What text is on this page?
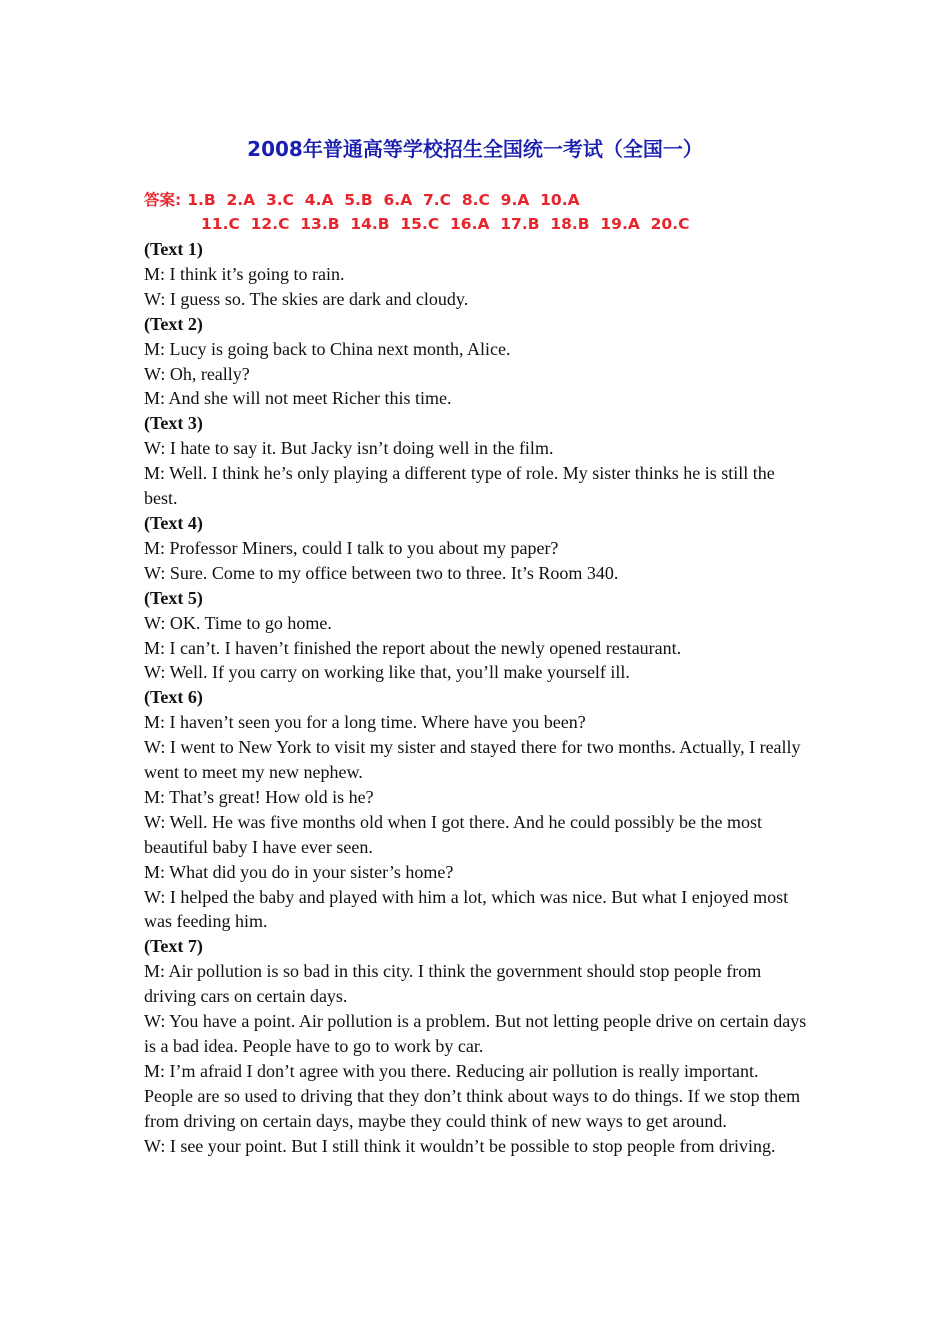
2008年普通高等学校招生全国统一考试（全国一）
答案: 1.B  2.A  3.C  4.A  5.B  6.A  7.C  8.C  9.A  10.A
11.C  12.C  13.B  14.B  15.C  16.A  17.B  18.B  19.A  20.C

(Text 1)

M: I think it’s going to rain.

W: I guess so. The skies are dark and cloudy.

(Text 2)

M: Lucy is going back to China next month, Alice.

W: Oh, really?

M: And she will not meet Richer this time.

(Text 3)

W: I hate to say it. But Jacky isn’t doing well in the film.

M: Well. I think he’s only playing a different type of role. My sister thinks he is still the best.

(Text 4)

M: Professor Miners, could I talk to you about my paper?

W: Sure. Come to my office between two to three. It’s Room 340.

(Text 5)

W: OK. Time to go home.

M: I can’t. I haven’t finished the report about the newly opened restaurant.

W: Well. If you carry on working like that, you’ll make yourself ill.

(Text 6)

M: I haven’t seen you for a long time. Where have you been?

W: I went to New York to visit my sister and stayed there for two months. Actually, I really went to meet my new nephew.

M: That’s great! How old is he?

W: Well. He was five months old when I got there. And he could possibly be the most beautiful baby I have ever seen.

M: What did you do in your sister’s home?

W: I helped the baby and played with him a lot, which was nice. But what I enjoyed most was feeding him.

(Text 7)

M: Air pollution is so bad in this city. I think the government should stop people from driving cars on certain days.

W: You have a point. Air pollution is a problem. But not letting people drive on certain days is a bad idea. People have to go to work by car.

M: I’m afraid I don’t agree with you there. Reducing air pollution is really important. People are so used to driving that they don’t think about ways to do things. If we stop them from driving on certain days, maybe they could think of new ways to get around.

W: I see your point. But I still think it wouldn’t be possible to stop people from driving.
